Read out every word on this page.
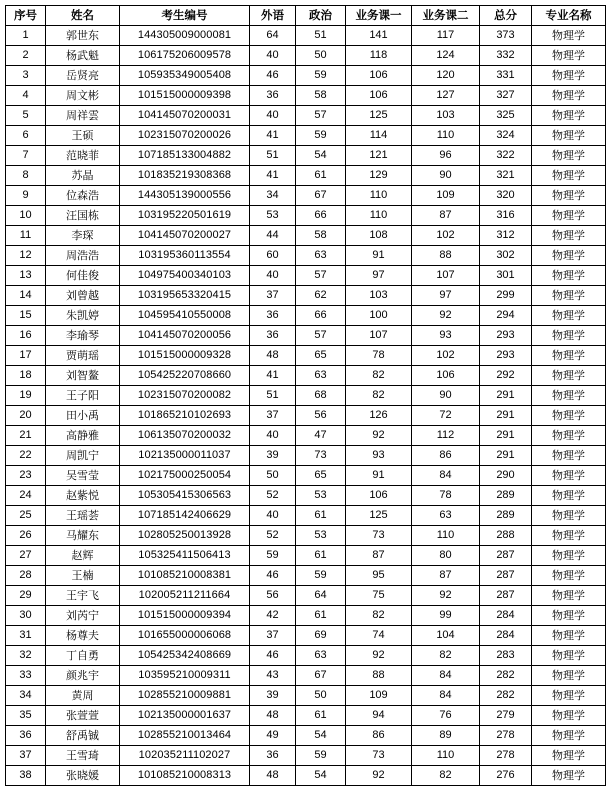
序号	姓名	考生编号	外语	政治	业务课一	业务课二	总分	专业名称
1	郭世东	144305009000081	64	51	141	117	373	物理学
2	杨武魁	106175206009578	40	50	118	124	332	物理学
3	岳贤亮	105935349005408	46	59	106	120	331	物理学
4	周文彬	101515000009398	36	58	106	127	327	物理学
5	周祥雲	104145070200031	40	57	125	103	325	物理学
6	王硕	102315070200026	41	59	114	110	324	物理学
7	范晓菲	107185133004882	51	54	121	96	322	物理学
8	苏晶	101835219308368	41	61	129	90	321	物理学
9	位森浩	144305139000556	34	67	110	109	320	物理学
10	汪国栋	103195220501619	53	66	110	87	316	物理学
11	李琛	104145070200027	44	58	108	102	312	物理学
12	周浩浩	103195360113554	60	63	91	88	302	物理学
13	何佳俊	104975400340103	40	57	97	107	301	物理学
14	刘曾越	103195653320415	37	62	103	97	299	物理学
15	朱凯婷	104595410550008	36	66	100	92	294	物理学
16	李瑜琴	104145070200056	36	57	107	93	293	物理学
17	贾萌瑶	101515000009328	48	65	78	102	293	物理学
18	刘智鳌	105425220708660	41	63	82	106	292	物理学
19	王子阳	102315070200082	51	68	82	90	291	物理学
20	田小禹	101865210102693	37	56	126	72	291	物理学
21	高静雅	106135070200032	40	47	92	112	291	物理学
22	周凯宁	102135000011037	39	73	93	86	291	物理学
23	吴雪莹	102175000250054	50	65	91	84	290	物理学
24	赵紫悦	105305415306563	52	53	106	78	289	物理学
25	王瑶荟	107185142406629	40	61	125	63	289	物理学
26	马耀东	102805250013928	52	53	73	110	288	物理学
27	赵辉	105325411506413	59	61	87	80	287	物理学
28	王楠	101085210008381	46	59	95	87	287	物理学
29	王宇飞	102005211211664	56	64	75	92	287	物理学
30	刘芮宁	101515000009394	42	61	82	99	284	物理学
31	杨尊夫	101655000006068	37	69	74	104	284	物理学
32	丁自勇	105425342408669	46	63	92	82	283	物理学
33	颜兆宇	103595210009311	43	67	88	84	282	物理学
34	黄周	102855210009881	39	50	109	84	282	物理学
35	张萱萱	102135000001637	48	61	94	76	279	物理学
36	舒禹铖	102855210013464	49	54	86	89	278	物理学
37	王雪琦	102035211102027	36	59	73	110	278	物理学
38	张晓媛	101085210008313	48	54	92	82	276	物理学
